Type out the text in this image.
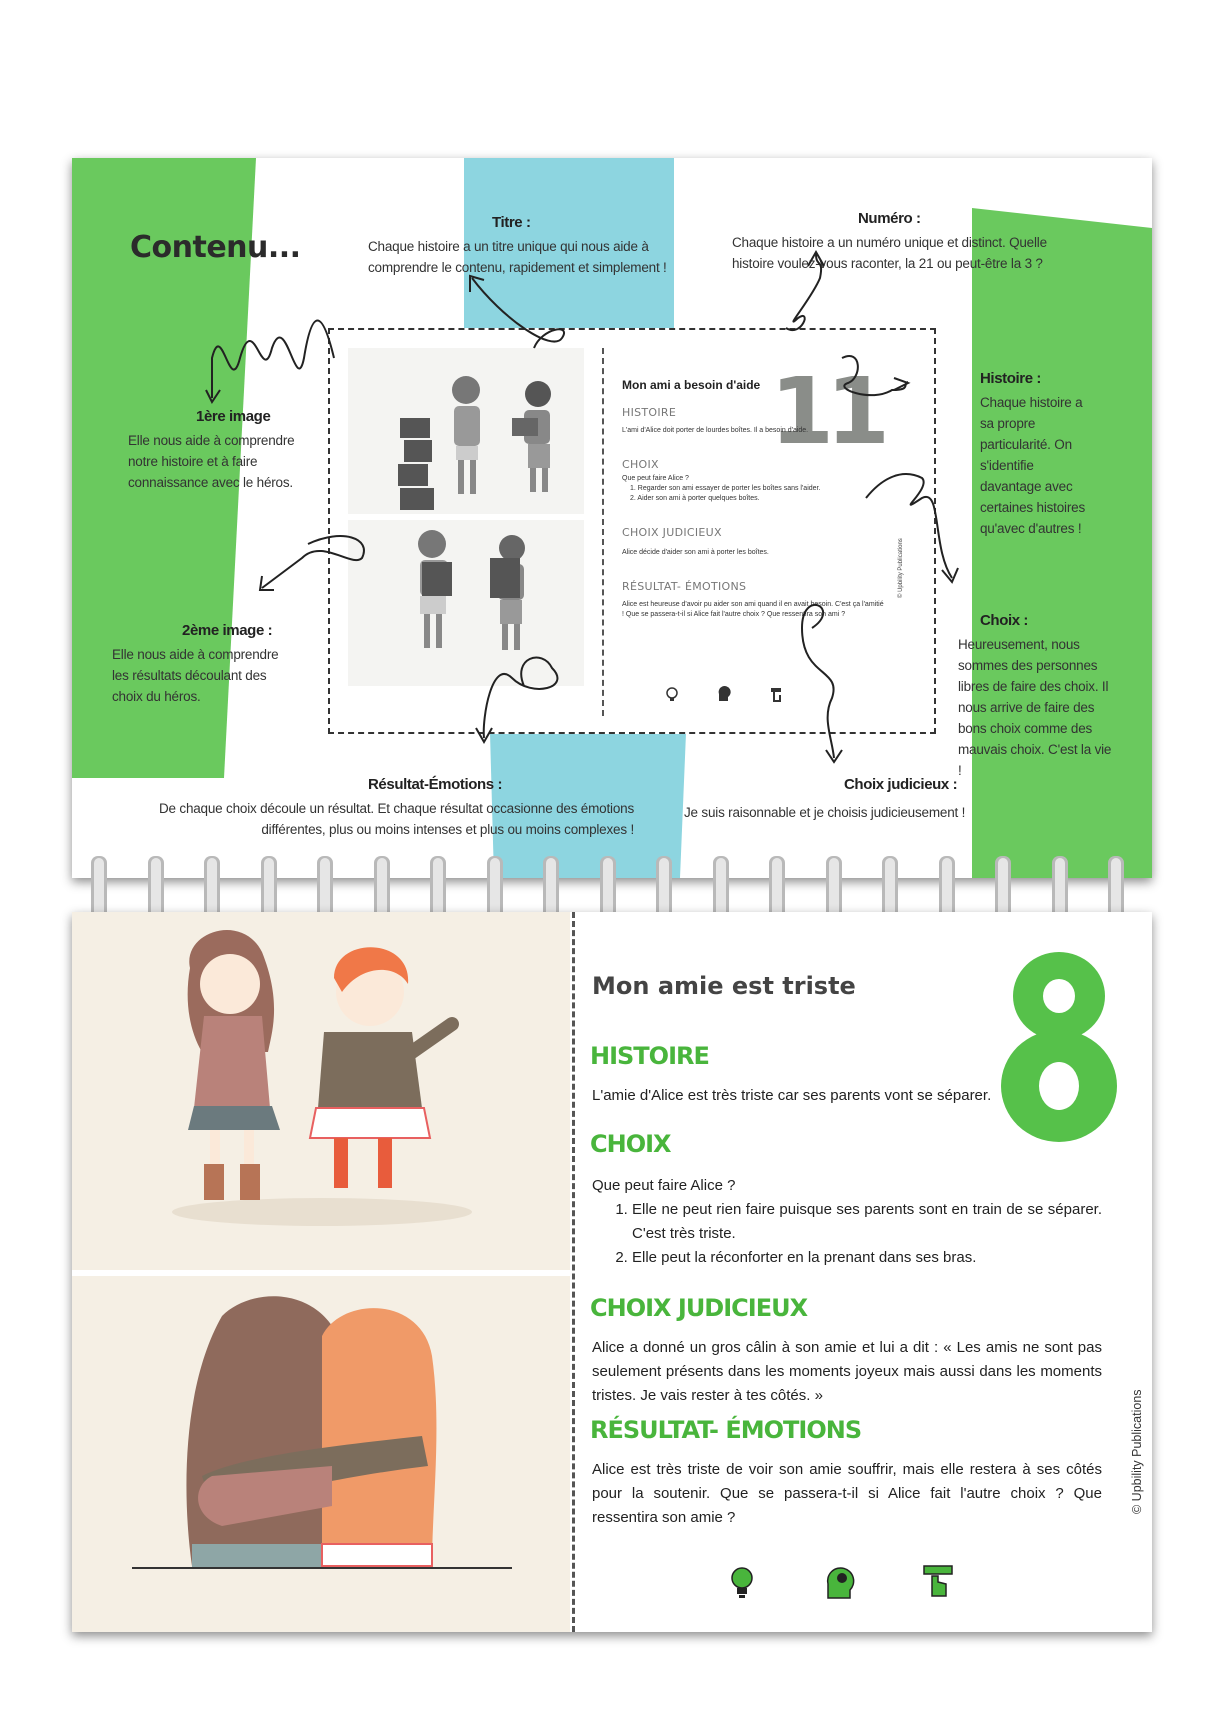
Contenu...
Titre :
Chaque histoire a un titre unique qui nous aide à comprendre le contenu, rapidement et simplement !
Numéro :
Chaque histoire a un numéro unique et distinct. Quelle histoire voulez-vous raconter, la 21 ou peut-être la 3 ?
1ère image
Elle nous aide à comprendre notre histoire et à faire connaissance avec le héros.
Histoire :
Chaque histoire a sa propre particularité. On s'identifie davantage avec certaines histoires qu'avec d'autres !
2ème image :
Elle nous aide à comprendre les résultats découlant des choix du héros.
Choix :
Heureusement, nous sommes des personnes libres de faire des choix. Il nous arrive de faire des bons choix comme des mauvais choix. C'est la vie !
Résultat-Émotions :
De chaque choix découle un résultat. Et chaque résultat occasionne des émotions différentes, plus ou moins intenses et plus ou moins complexes !
Choix judicieux :
Je suis raisonnable et je choisis judicieusement !
11
Mon ami a besoin d'aide
HISTOIRE
L'ami d'Alice doit porter de lourdes boîtes. Il a besoin d'aide.
CHOIX
Que peut faire Alice ?
1. Regarder son ami essayer de porter les boîtes sans l'aider.
2. Aider son ami à porter quelques boîtes.
CHOIX JUDICIEUX
Alice décide d'aider son ami à porter les boîtes.
RÉSULTAT- ÉMOTIONS
Alice est heureuse d'avoir pu aider son ami quand il en avait besoin. C'est ça l'amitié ! Que se passera-t-il si Alice fait l'autre choix ? Que ressentira son ami ?
© Upbility Publications
Mon amie est triste
HISTOIRE
L'amie d'Alice est très triste car ses parents vont se séparer.
CHOIX
Que peut faire Alice ?
1. Elle ne peut rien faire puisque ses parents sont en train de se séparer. C'est très triste.
2. Elle peut la réconforter en la prenant dans ses bras.
CHOIX JUDICIEUX
Alice a donné un gros câlin à son amie et lui a dit : « Les amis ne sont pas seulement présents dans les moments joyeux mais aussi dans les moments tristes. Je vais rester à tes côtés. »
RÉSULTAT- ÉMOTIONS
Alice est très triste de voir son amie souffrir, mais elle restera à ses côtés pour la soutenir. Que se passera-t-il si Alice fait l'autre choix ? Que ressentira son amie ?
© Upbility Publications
